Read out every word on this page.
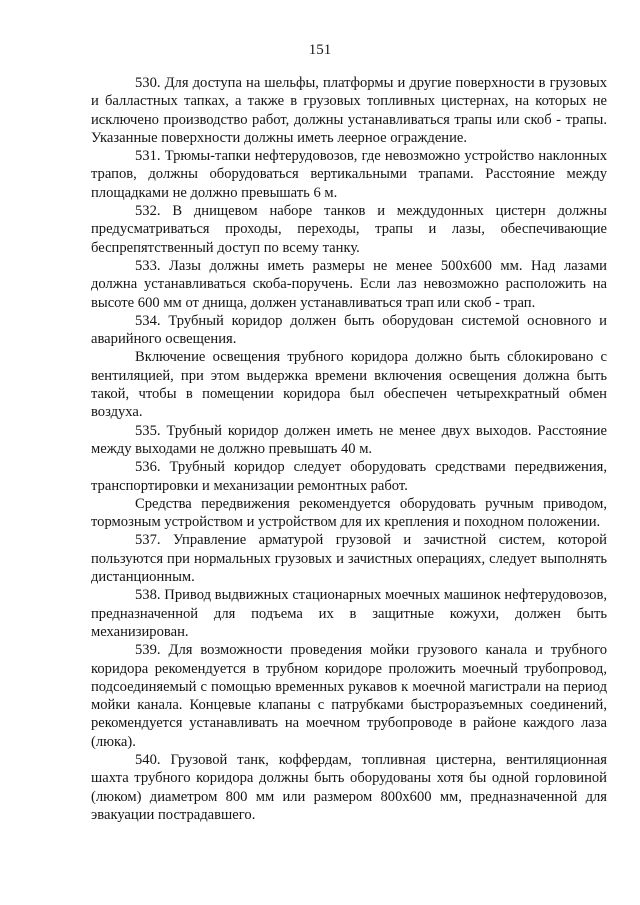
151

530. Для доступа на шельфы, платформы и другие поверхности в грузовых и балластных тапках, а также в грузовых топливных цистернах, на которых не исключено производство работ, должны устанавливаться трапы или скоб - трапы. Указанные поверхности должны иметь леерное ограждение.

531. Трюмы-тапки нефтерудовозов, где невозможно устройство наклонных трапов, должны оборудоваться вертикальными трапами. Расстояние между площадками не должно превышать 6 м.

532. В днищевом наборе танков и междудонных цистерн должны предусматриваться проходы, переходы, трапы и лазы, обеспечивающие беспрепятственный доступ по всему танку.

533. Лазы должны иметь размеры не менее 500x600 мм. Над лазами должна устанавливаться скоба-поручень. Если лаз невозможно расположить на высоте 600 мм от днища, должен устанавливаться трап или скоб - трап.

534. Трубный коридор должен быть оборудован системой основного и аварийного освещения.

Включение освещения трубного коридора должно быть сблокировано с вентиляцией, при этом выдержка времени включения освещения должна быть такой, чтобы в помещении коридора был обеспечен четырехкратный обмен воздуха.

535. Трубный коридор должен иметь не менее двух выходов. Расстояние между выходами не должно превышать 40 м.

536. Трубный коридор следует оборудовать средствами передвижения, транспортировки и механизации ремонтных работ.

Средства передвижения рекомендуется оборудовать ручным приводом, тормозным устройством и устройством для их крепления и походном положении.

537. Управление арматурой грузовой и зачистной систем, которой пользуются при нормальных грузовых и зачистных операциях, следует выполнять дистанционным.

538. Привод выдвижных стационарных моечных машинок нефтерудовозов, предназначенной для подъема их в защитные кожухи, должен быть механизирован.

539. Для возможности проведения мойки грузового канала и трубного коридора рекомендуется в трубном коридоре проложить моечный трубопровод, подсоединяемый с помощью временных рукавов к моечной магистрали на период мойки канала. Концевые клапаны с патрубками быстроразъемных соединений, рекомендуется устанавливать на моечном трубопроводе в районе каждого лаза (люка).

540. Грузовой танк, коффердам, топливная цистерна, вентиляционная шахта трубного коридора должны быть оборудованы хотя бы одной горловиной (люком) диаметром 800 мм или размером 800x600 мм, предназначенной для эвакуации пострадавшего.
